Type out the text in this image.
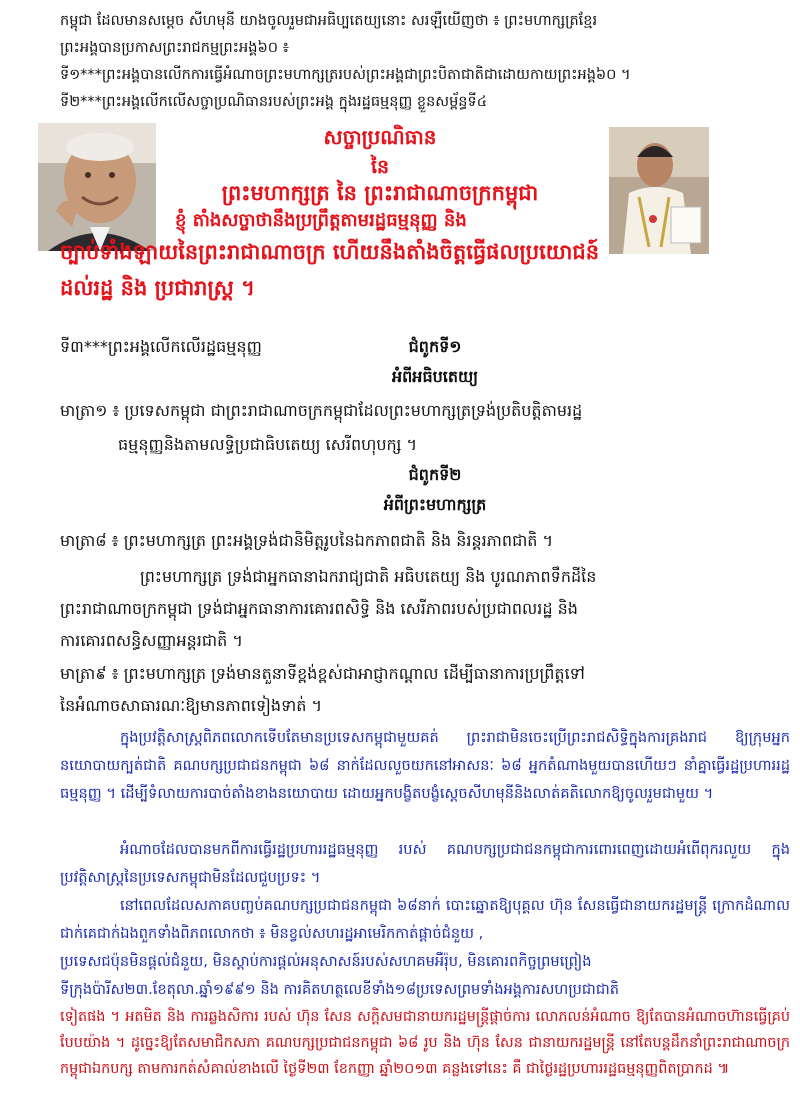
កម្ពុជា ដែលមានសម្តេច សីហមុនី យាងចូលរួមជាអធិប្បតេយ្យនោះ សរឡឹយើញថា ៖ ព្រះមហាក្សត្រខ្មែរ
ព្រះអង្គបានប្រកាសព្រះរាជកម្មព្រះអង្គ៦០ ៖
ទី១***ព្រះអង្គបានលើកការធ្វើអំណាចព្រះមហាក្សត្ររបស់ព្រះអង្គជាព្រះបិតាជាតិជាដោយកាយព្រះអង្គ៦០ ។
ទី២***ព្រះអង្គលើកលើសច្ចាប្រណិធានរបស់ព្រះអង្គ ក្នុងរដ្ឋធម្មនុញ្ញ ខ្លួនសម្ព័ន្ធទី៤
សច្ចាប្រណិធាន
នៃ
ព្រះមហាក្សត្រ នៃ ព្រះរាជាណាចក្រកម្ពុជា
ខ្ញុំ តាំងសច្ចាថានឹងប្រព្រឹត្តតាមរដ្ឋធម្មនុញ្ញ និង
ច្បាប់ទាំងឡាយនៃព្រះរាជាណាចក្រ ហើយនឹងតាំងចិត្តធ្វើផលប្រយោជន៍
ដល់រដ្ឋ និង ប្រជារាស្ត្រ ។
ទី៣***ព្រះអង្គលើកលើរដ្ឋធម្មនុញ្ញ	ជំពូកទី១
អំពីអធិបតេយ្យ
មាត្រា១ ៖ ប្រទេសកម្ពុជា ជាព្រះរាជាណាចក្រកម្ពុជាដែលព្រះមហាក្សត្រទ្រង់ប្រតិបត្តិតាមរដ្ឋ
ធម្មនុញ្ញនិងតាមលទ្ធិប្រជាធិបតេយ្យ សេរីពហុបក្ស ។
ជំពូកទី២
អំពីព្រះមហាក្សត្រ
មាត្រា៨ ៖ ព្រះមហាក្សត្រ ព្រះអង្គទ្រង់ជានិមិត្តរូបនៃឯកភាពជាតិ និង និរន្តរភាពជាតិ ។
ព្រះមហាក្សត្រ ទ្រង់ជាអ្នកធានាឯករាជ្យជាតិ អធិបតេយ្យ និង បូរណភាពទឹកដីនៃ
ព្រះរាជាណាចក្រកម្ពុជា ទ្រង់ជាអ្នកធានាការគោរពសិទ្ធិ និង សេរីភាពរបស់ប្រជាពលរដ្ឋ និង
ការគោរពសន្ធិសញ្ញាអន្តរជាតិ ។
មាត្រា៩ ៖ ព្រះមហាក្សត្រ ទ្រង់មានតួនាទីខ្ពង់ខ្ពស់ជាអាជ្ញាកណ្តាល ដើម្បីធានាការប្រព្រឹត្តទៅ
នៃអំណាចសាធារណៈឱ្យមានភាពទៀងទាត់ ។
ក្នុងប្រវត្តិសាស្ត្រពិភពលោកទើបតែមានប្រទេសកម្ពុជាមួយគត់ ព្រះរាជាមិនចេះប្រើព្រះរាជសិទ្ធិក្នុងការគ្រងរាជ ឱ្យក្រុមអ្នកនយោបាយក្បត់ជាតិ គណបក្សប្រជាជនកម្ពុជា ៦៨ នាក់ដែលលួចយកនៅអាសនៈ ៦៨ អ្នកតំណាងមួយបានហើយៗ នាំគ្នាធ្វើរដ្ឋប្រហាររដ្ឋធម្មនុញ្ញ ។ ដើម្បីទំលាយការបាច់តាំងខាងនយោបាយ ដោយអ្នកបង្ខិតបង្ខំស្តេចសីហមុនីនិងលាត់គតិលោកឱ្យចូលរួមជាមួយ ។
អំណាចដែលបានមកពីការធ្វើរដ្ឋប្រហាររដ្ឋធម្មនុញ្ញ របស់ គណបក្សប្រជាជនកម្ពុជាការពោរពេញដោយអំពើពុករលួយ ក្នុងប្រវត្តិសាស្ត្រនៃប្រទេសកម្ពុជាមិនដែលជួបប្រទះ ។
នៅពេលដែលសភាគបញ្ចប់គណបក្សប្រជាជនកម្ពុជា ៦៨នាក់ បោះឆ្នោតឱ្យបុគ្គល ហ៊ុន សែនធ្វើជានាយករដ្ឋមន្ត្រី ក្រោកដំណាលជាក់គេជាក់ឯងពួកទាំងពិភពលោកថា ៖ មិនខ្វល់សហរដ្ឋអាមេរិកកាត់ផ្តាច់ជំនួយ ,
ប្រទេសជប៉ុនមិនផ្តល់ជំនួយ, មិនស្តាប់ការផ្តល់អនុសាសន៍របស់សហគមអឺរ៉ុប, មិនគោរពកិច្ចព្រមព្រៀង
ទីក្រុងប៉ារីស២៣.ខែតុលា.ឆ្នាំ១៩៩១ និង ការគិតហត្ថលេខីទាំង១៨ប្រទេសព្រមទាំងអង្គការសហប្រជាជាតិ
ទៀតផង ។ អតមិត និង ការឆ្លងសិការ របស់ ហ៊ុន សែន សក្តិសមជានាយករដ្ឋមន្ត្រីផ្តាច់ការ លោភលន់អំណាច ឱ្យតែបានអំណាចហ៊ានធ្វើគ្រប់បែបយ៉ាង ។ ដូច្នេះឱ្យតែសមាជិកសភា គណបក្សប្រជាជនកម្ពុជា ៦៨ រូប និង ហ៊ុន សែន ជានាយករដ្ឋមន្ត្រី នៅតែបន្តដឹកនាំព្រះរាជាណាចក្រកម្ពុជាឯកបក្ស តាមការកត់សំគាល់ខាងលើ ថ្ងៃទី២៣ ខែកញ្ញា ឆ្នាំ២០១៣ គន្លងទៅនេះ គឺ ជាថ្ងៃរដ្ឋប្រហាររដ្ឋធម្មនុញ្ញពិតប្រាកដ ៕
